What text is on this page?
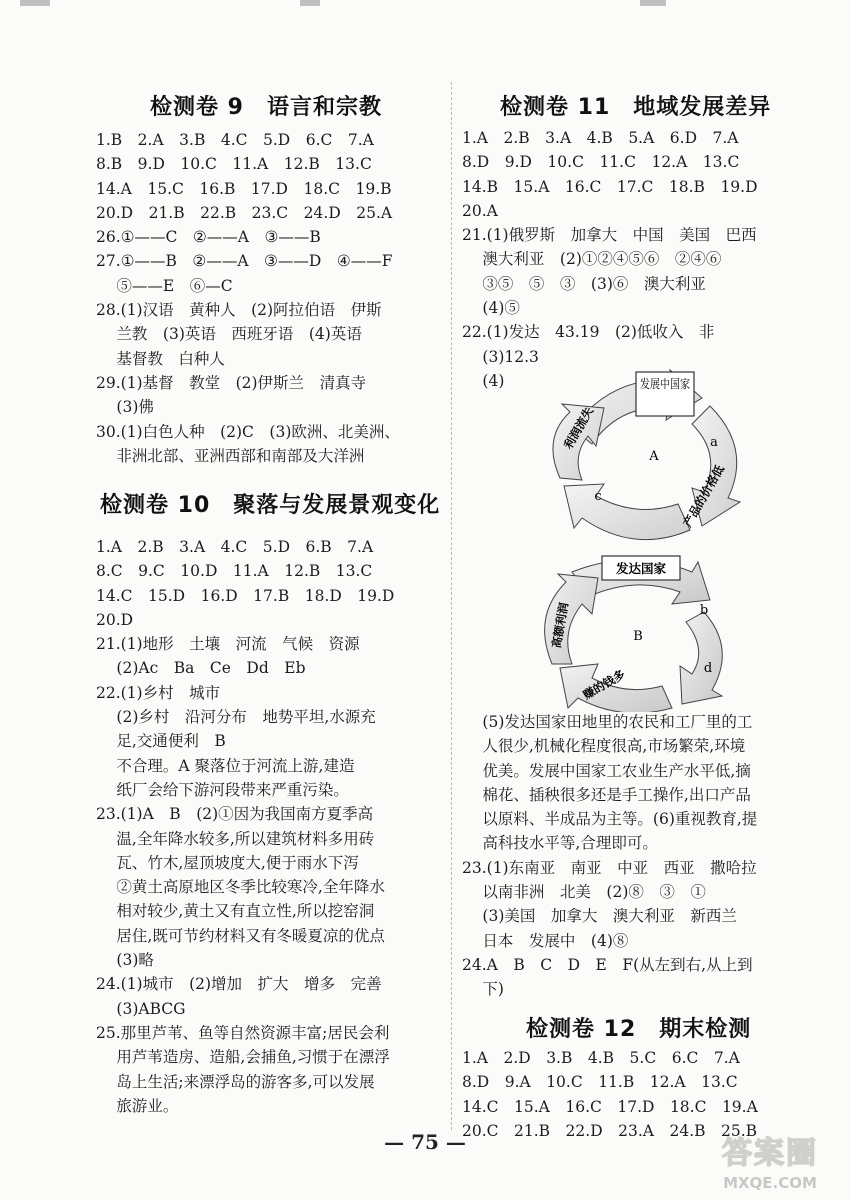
检测卷 9　语言和宗教
1.B　2.A　3.B　4.C　5.D　6.C　7.A
8.B　9.D　10.C　11.A　12.B　13.C
14.A　15.C　16.B　17.D　18.C　19.B
20.D　21.B　22.B　23.C　24.D　25.A
26.①——C　②——A　③——B
27.①——B　②——A　③——D　④——F
　 ⑤——E　⑥—C
28.(1)汉语　黄种人　(2)阿拉伯语　伊斯
　 兰教　(3)英语　西班牙语　(4)英语
　 基督教　白种人
29.(1)基督　教堂　(2)伊斯兰　清真寺
　 (3)佛
30.(1)白色人种　(2)C　(3)欧洲、北美洲、
　 非洲北部、亚洲西部和南部及大洋洲
检测卷 10　聚落与发展景观变化
1.A　2.B　3.A　4.C　5.D　6.B　7.A
8.C　9.C　10.D　11.A　12.B　13.C
14.C　15.D　16.D　17.B　18.D　19.D
20.D
21.(1)地形　土壤　河流　气候　资源
　 (2)Ac　Ba　Ce　Dd　Eb
22.(1)乡村　城市
　 (2)乡村　沿河分布　地势平坦,水源充
　 足,交通便利　B
　 不合理。A 聚落位于河流上游,建造
　 纸厂会给下游河段带来严重污染。
23.(1)A　B　(2)①因为我国南方夏季高
　 温,全年降水较多,所以建筑材料多用砖
　 瓦、竹木,屋顶坡度大,便于雨水下泻
　 ②黄土高原地区冬季比较寒冷,全年降水
　 相对较少,黄土又有直立性,所以挖窑洞
　 居住,既可节约材料又有冬暖夏凉的优点
　 (3)略
24.(1)城市　(2)增加　扩大　增多　完善
　 (3)ABCG
25.那里芦苇、鱼等自然资源丰富;居民会利
　 用芦苇造房、造船,会捕鱼,习惯于在漂浮
　 岛上生活;来漂浮岛的游客多,可以发展
　 旅游业。
检测卷 11　地域发展差异
1.A　2.B　3.A　4.B　5.A　6.D　7.A
8.D　9.D　10.C　11.C　12.A　13.C
14.B　15.A　16.C　17.C　18.B　19.D
20.A
21.(1)俄罗斯　加拿大　中国　美国　巴西
　 澳大利亚　(2)①②④⑤⑥　②④⑥
　 ③⑤　⑤　③　(3)⑥　澳大利亚
　 (4)⑤
22.(1)发达　43.19　(2)低收入　非
　 (3)12.3
　 (4)	发展中国家
A
a
c
利润流失
产品的价格低
发达国家
B
b
d
高额利润
赚的钱多
　 (5)发达国家田地里的农民和工厂里的工
　 人很少,机械化程度很高,市场繁荣,环境
　 优美。发展中国家工农业生产水平低,摘
　 棉花、插秧很多还是手工操作,出口产品
　 以原料、半成品为主等。(6)重视教育,提
　 高科技水平等,合理即可。
23.(1)东南亚　南亚　中亚　西亚　撒哈拉
　 以南非洲　北美　(2)⑧　③　①
　 (3)美国　加拿大　澳大利亚　新西兰
　 日本　发展中　(4)⑧
24.A　B　C　D　E　F(从左到右,从上到
　 下)
检测卷 12　期末检测
1.A　2.D　3.B　4.B　5.C　6.C　7.A
8.D　9.A　10.C　11.B　12.A　13.C
14.C　15.A　16.C　17.D　18.C　19.A
20.C　21.B　22.D　23.A　24.B　25.B
— 75 —	答案圈
MXQE.COM
